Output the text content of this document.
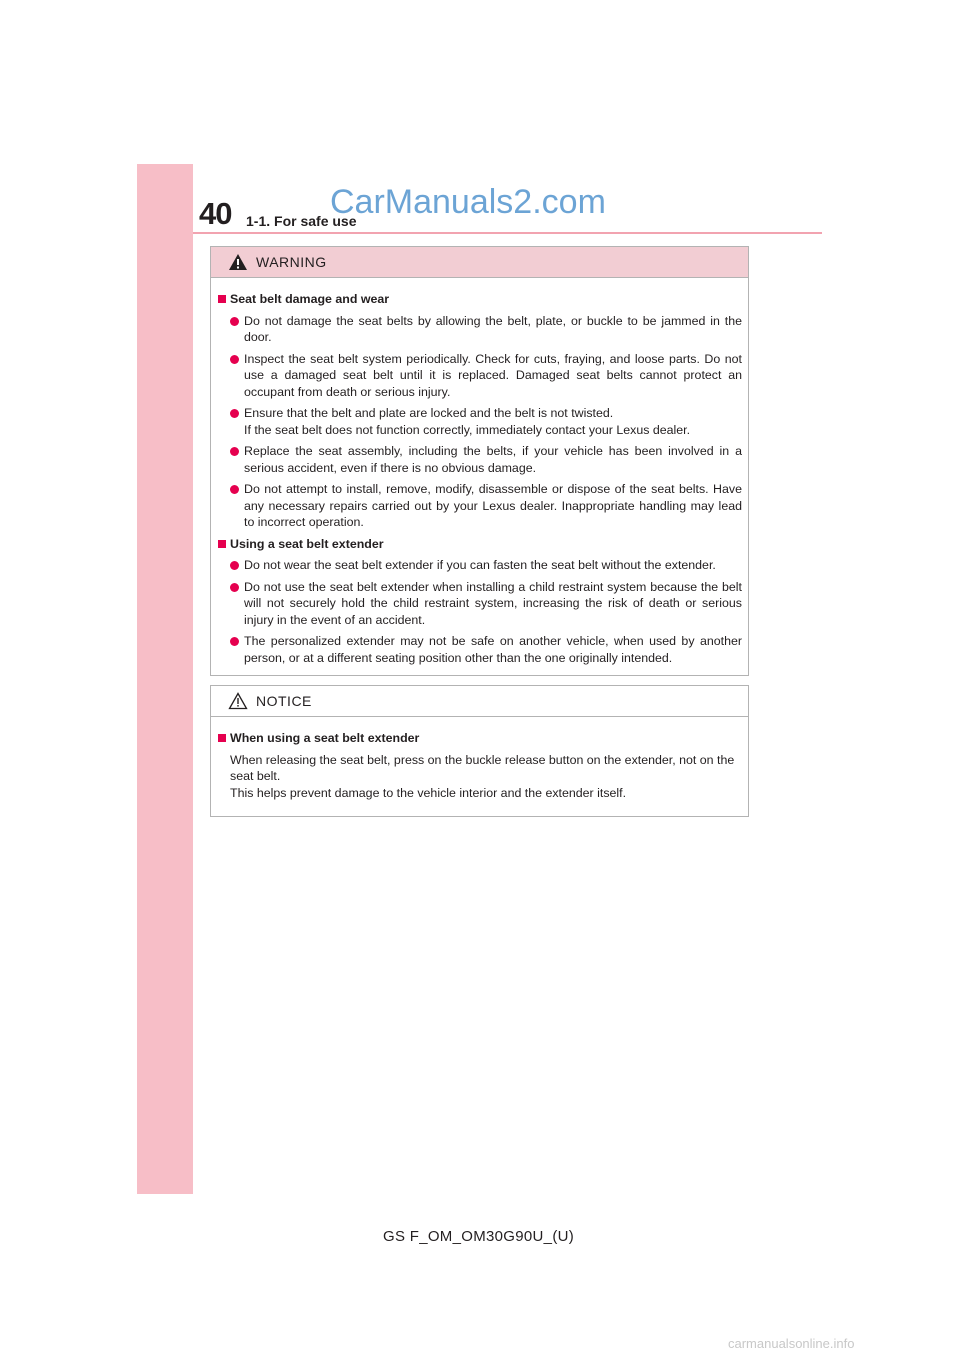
40	CarManuals2.com
1-1. For safe use
WARNING
Seat belt damage and wear
Do not damage the seat belts by allowing the belt, plate, or buckle to be jammed in the door.
Inspect the seat belt system periodically. Check for cuts, fraying, and loose parts. Do not use a damaged seat belt until it is replaced. Damaged seat belts cannot protect an occupant from death or serious injury.
Ensure that the belt and plate are locked and the belt is not twisted.
If the seat belt does not function correctly, immediately contact your Lexus dealer.
Replace the seat assembly, including the belts, if your vehicle has been involved in a serious accident, even if there is no obvious damage.
Do not attempt to install, remove, modify, disassemble or dispose of the seat belts. Have any necessary repairs carried out by your Lexus dealer. Inappropriate handling may lead to incorrect operation.
Using a seat belt extender
Do not wear the seat belt extender if you can fasten the seat belt without the extender.
Do not use the seat belt extender when installing a child restraint system because the belt will not securely hold the child restraint system, increasing the risk of death or serious injury in the event of an accident.
The personalized extender may not be safe on another vehicle, when used by another person, or at a different seating position other than the one originally intended.
NOTICE
When using a seat belt extender
When releasing the seat belt, press on the buckle release button on the extender, not on the seat belt.
This helps prevent damage to the vehicle interior and the extender itself.
GS F_OM_OM30G90U_(U)
carmanualsonline.info
